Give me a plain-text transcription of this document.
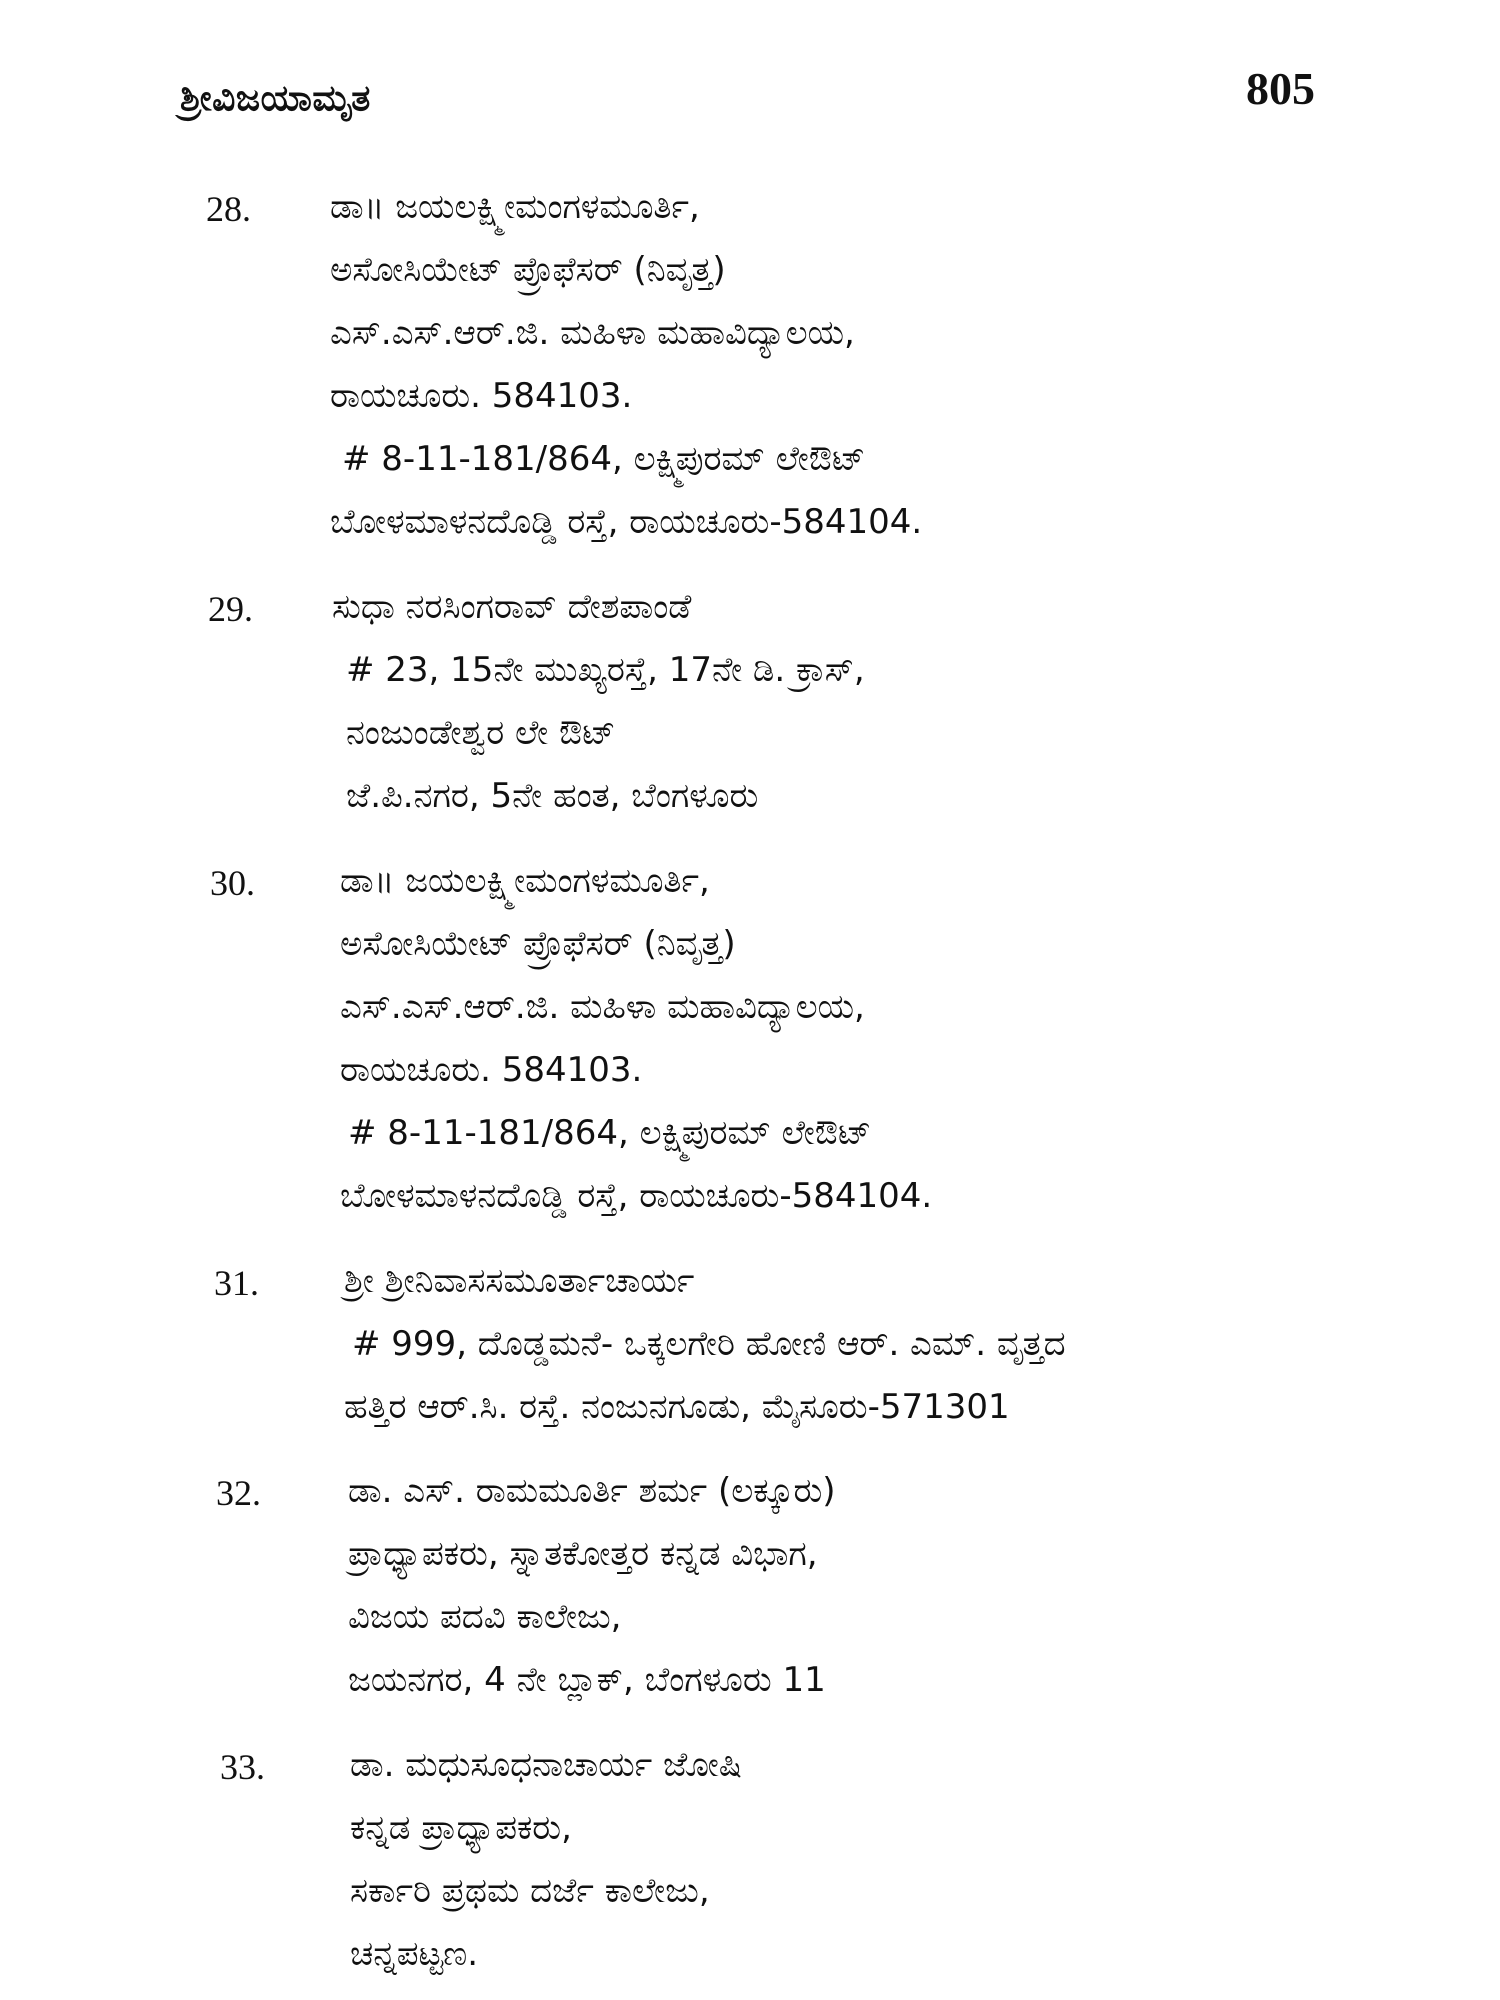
ಶ್ರೀವಿಜಯಾಮೃತ	805
28. ಡಾ॥ ಜಯಲಕ್ಷ್ಮೀಮಂಗಳಮೂರ್ತಿ,
ಅಸೋಸಿಯೇಟ್ ಪ್ರೊಫೆಸರ್ (ನಿವೃತ್ತ)
ಎಸ್.ಎಸ್.ಆರ್.ಜಿ. ಮಹಿಳಾ ಮಹಾವಿದ್ಯಾಲಯ,
ರಾಯಚೂರು. 584103.
# 8-11-181/864, ಲಕ್ಷ್ಮಿಪುರಮ್ ಲೇಔಟ್
ಬೋಳಮಾಳನದೊಡ್ಡಿ ರಸ್ತೆ, ರಾಯಚೂರು-584104.
29. ಸುಧಾ ನರಸಿಂಗರಾವ್ ದೇಶಪಾಂಡೆ
# 23, 15ನೇ ಮುಖ್ಯರಸ್ತೆ, 17ನೇ ಡಿ. ಕ್ರಾಸ್,
ನಂಜುಂಡೇಶ್ವರ ಲೇ ಔಟ್
ಜೆ.ಪಿ.ನಗರ, 5ನೇ ಹಂತ, ಬೆಂಗಳೂರು
30.	ಡಾ॥ ಜಯಲಕ್ಷ್ಮೀಮಂಗಳಮೂರ್ತಿ,
ಅಸೋಸಿಯೇಟ್ ಪ್ರೊಫೆಸರ್ (ನಿವೃತ್ತ)
ಎಸ್.ಎಸ್.ಆರ್.ಜಿ. ಮಹಿಳಾ ಮಹಾವಿದ್ಯಾಲಯ,
ರಾಯಚೂರು. 584103.
# 8-11-181/864, ಲಕ್ಷ್ಮಿಪುರಮ್ ಲೇಔಟ್
ಬೋಳಮಾಳನದೊಡ್ಡಿ ರಸ್ತೆ, ರಾಯಚೂರು-584104.
31.	ಶ್ರೀ ಶ್ರೀನಿವಾಸಸಮೂರ್ತಾಚಾರ್ಯ
# 999, ದೊಡ್ಡಮನೆ- ಒಕ್ಕಲಗೇರಿ ಹೋಣಿ ಆರ್. ಎಮ್. ವೃತ್ತದ
ಹತ್ತಿರ ಆರ್.ಸಿ. ರಸ್ತೆ. ನಂಜುನಗೂಡು, ಮೈಸೂರು-571301
32.	ಡಾ. ಎಸ್. ರಾಮಮೂರ್ತಿ ಶರ್ಮ (ಲಕ್ಕೂರು)
ಪ್ರಾಧ್ಯಾಪಕರು, ಸ್ನಾತಕೋತ್ತರ ಕನ್ನಡ ವಿಭಾಗ,
ವಿಜಯ ಪದವಿ ಕಾಲೇಜು,
ಜಯನಗರ, 4 ನೇ ಬ್ಲಾಕ್, ಬೆಂಗಳೂರು 11
33.	ಡಾ. ಮಧುಸೂಧನಾಚಾರ್ಯ ಜೋಷಿ
ಕನ್ನಡ ಪ್ರಾಧ್ಯಾಪಕರು,
ಸರ್ಕಾರಿ ಪ್ರಥಮ ದರ್ಜೆ ಕಾಲೇಜು,
ಚನ್ನಪಟ್ಟಣ.
